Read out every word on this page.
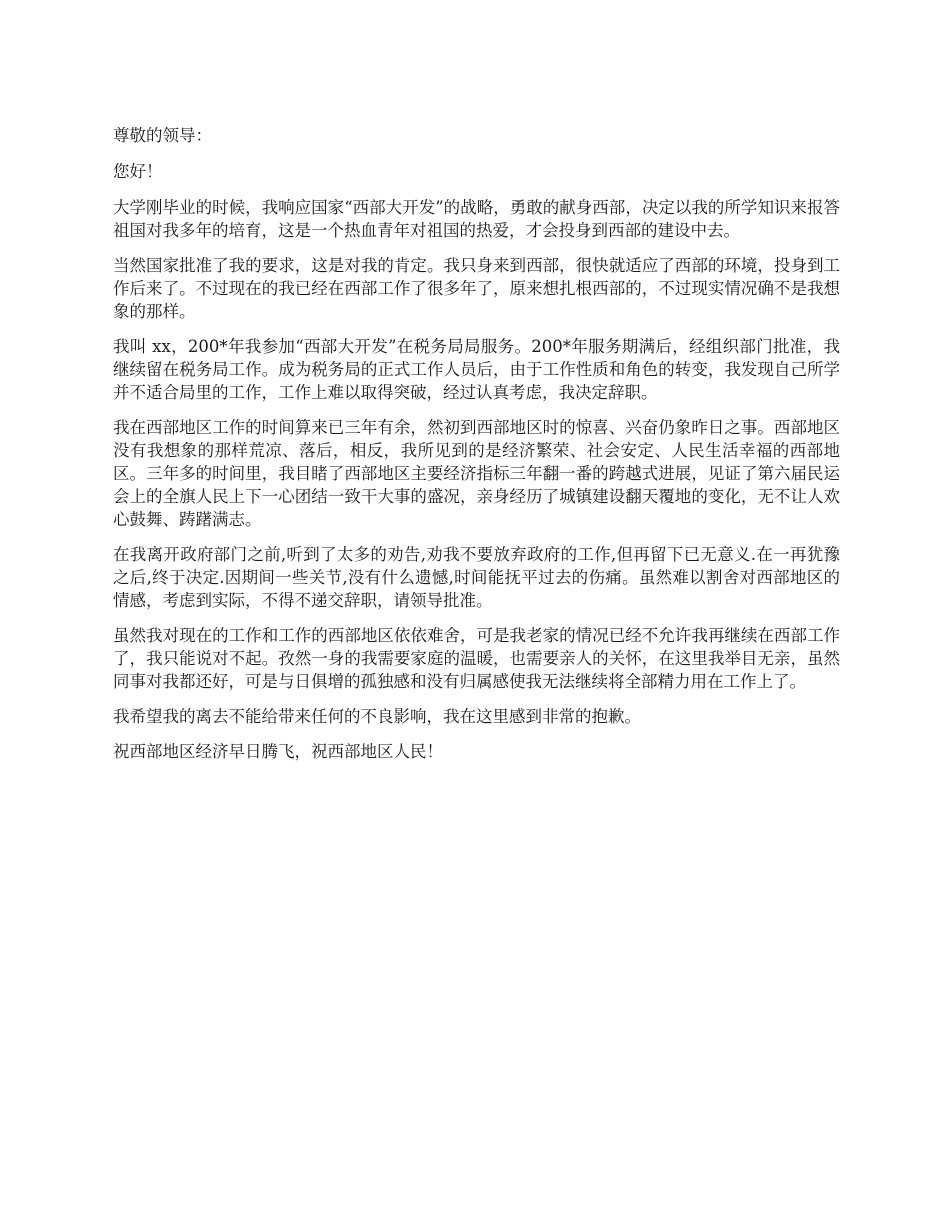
尊敬的领导：

您好！

大学刚毕业的时候，我响应国家“西部大开发”的战略，勇敢的献身西部，决定以我的所学知识来报答祖国对我多年的培育，这是一个热血青年对祖国的热爱，才会投身到西部的建设中去。

当然国家批准了我的要求，这是对我的肯定。我只身来到西部，很快就适应了西部的环境，投身到工作后来了。不过现在的我已经在西部工作了很多年了，原来想扎根西部的，不过现实情况确不是我想象的那样。

我叫 xx，200*年我参加“西部大开发”在税务局局服务。200*年服务期满后，经组织部门批准，我继续留在税务局工作。成为税务局的正式工作人员后，由于工作性质和角色的转变，我发现自己所学并不适合局里的工作，工作上难以取得突破，经过认真考虑，我决定辞职。

我在西部地区工作的时间算来已三年有余，然初到西部地区时的惊喜、兴奋仍象昨日之事。西部地区没有我想象的那样荒凉、落后，相反，我所见到的是经济繁荣、社会安定、人民生活幸福的西部地区。三年多的时间里，我目睹了西部地区主要经济指标三年翻一番的跨越式进展，见证了第六届民运会上的全旗人民上下一心团结一致干大事的盛况，亲身经历了城镇建设翻天覆地的变化，无不让人欢心鼓舞、踌躇满志。

在我离开政府部门之前,听到了太多的劝告,劝我不要放弃政府的工作,但再留下已无意义.在一再犹豫之后,终于决定.因期间一些关节,没有什么遗憾,时间能抚平过去的伤痛。虽然难以割舍对西部地区的情感，考虑到实际，不得不递交辞职，请领导批准。

虽然我对现在的工作和工作的西部地区依依难舍，可是我老家的情况已经不允许我再继续在西部工作了，我只能说对不起。孜然一身的我需要家庭的温暖，也需要亲人的关怀，在这里我举目无亲，虽然同事对我都还好，可是与日俱增的孤独感和没有归属感使我无法继续将全部精力用在工作上了。

我希望我的离去不能给带来任何的不良影响，我在这里感到非常的抱歉。

祝西部地区经济早日腾飞，祝西部地区人民！
